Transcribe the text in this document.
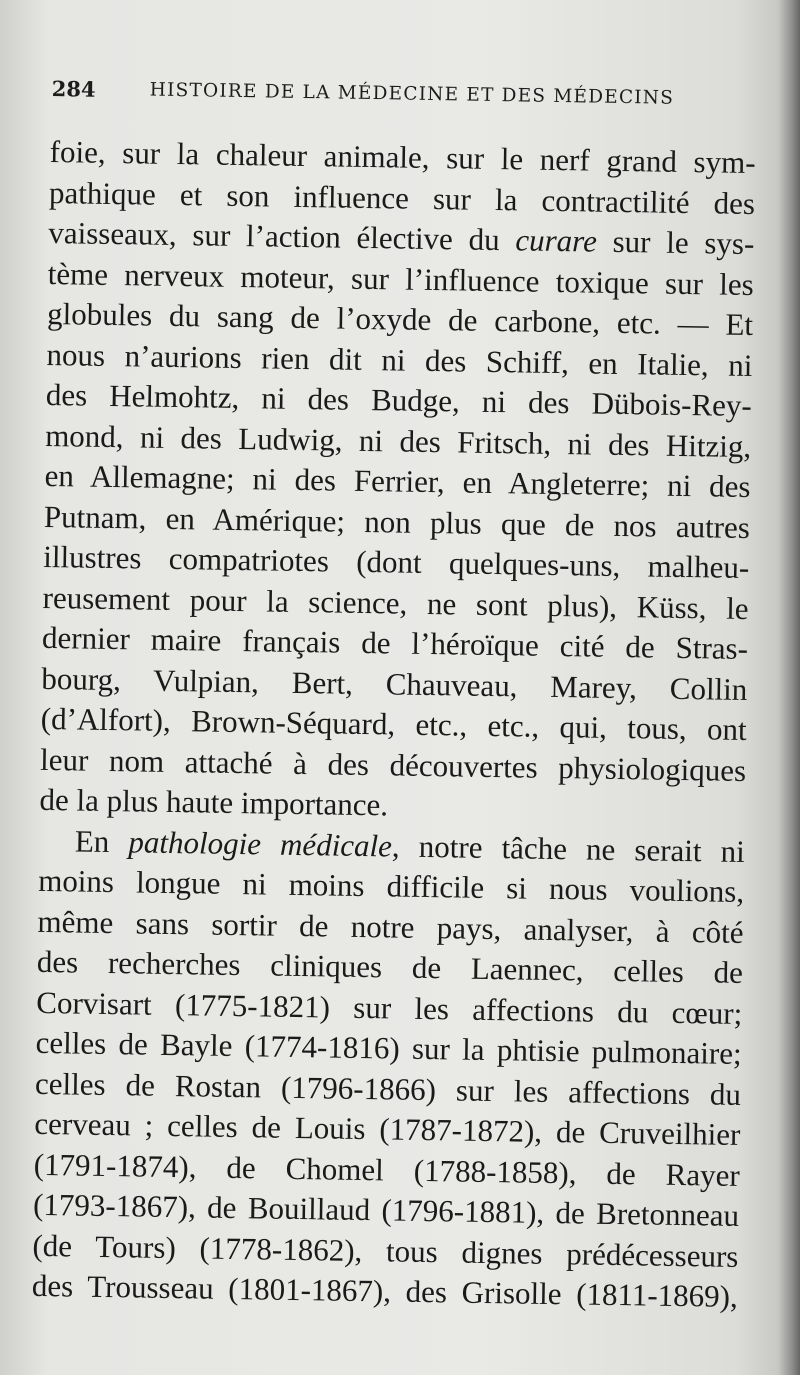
284	HISTOIRE DE LA MÉDECINE ET DES MÉDECINS
foie, sur la chaleur animale, sur le nerf grand sym-
pathique et son influence sur la contractilité des
vaisseaux, sur l’action élective du curare sur le sys-
tème nerveux moteur, sur l’influence toxique sur les
globules du sang de l’oxyde de carbone, etc. — Et
nous n’aurions rien dit ni des Schiff, en Italie, ni
des Helmohtz, ni des Budge, ni des Dübois-Rey-
mond, ni des Ludwig, ni des Fritsch, ni des Hitzig,
en Allemagne; ni des Ferrier, en Angleterre; ni des
Putnam, en Amérique; non plus que de nos autres
illustres compatriotes (dont quelques-uns, malheu-
reusement pour la science, ne sont plus), Küss, le
dernier maire français de l’héroïque cité de Stras-
bourg, Vulpian, Bert, Chauveau, Marey, Collin
(d’Alfort), Brown-Séquard, etc., etc., qui, tous, ont
leur nom attaché à des découvertes physiologiques
de la plus haute importance.
En pathologie médicale, notre tâche ne serait ni
moins longue ni moins difficile si nous voulions,
même sans sortir de notre pays, analyser, à côté
des recherches cliniques de Laennec, celles de
Corvisart (1775-1821) sur les affections du cœur;
celles de Bayle (1774-1816) sur la phtisie pulmonaire;
celles de Rostan (1796-1866) sur les affections du
cerveau ; celles de Louis (1787-1872), de Cruveilhier
(1791-1874), de Chomel (1788-1858), de Rayer
(1793-1867), de Bouillaud (1796-1881), de Bretonneau
(de Tours) (1778-1862), tous dignes prédécesseurs
des Trousseau (1801-1867), des Grisolle (1811-1869),
